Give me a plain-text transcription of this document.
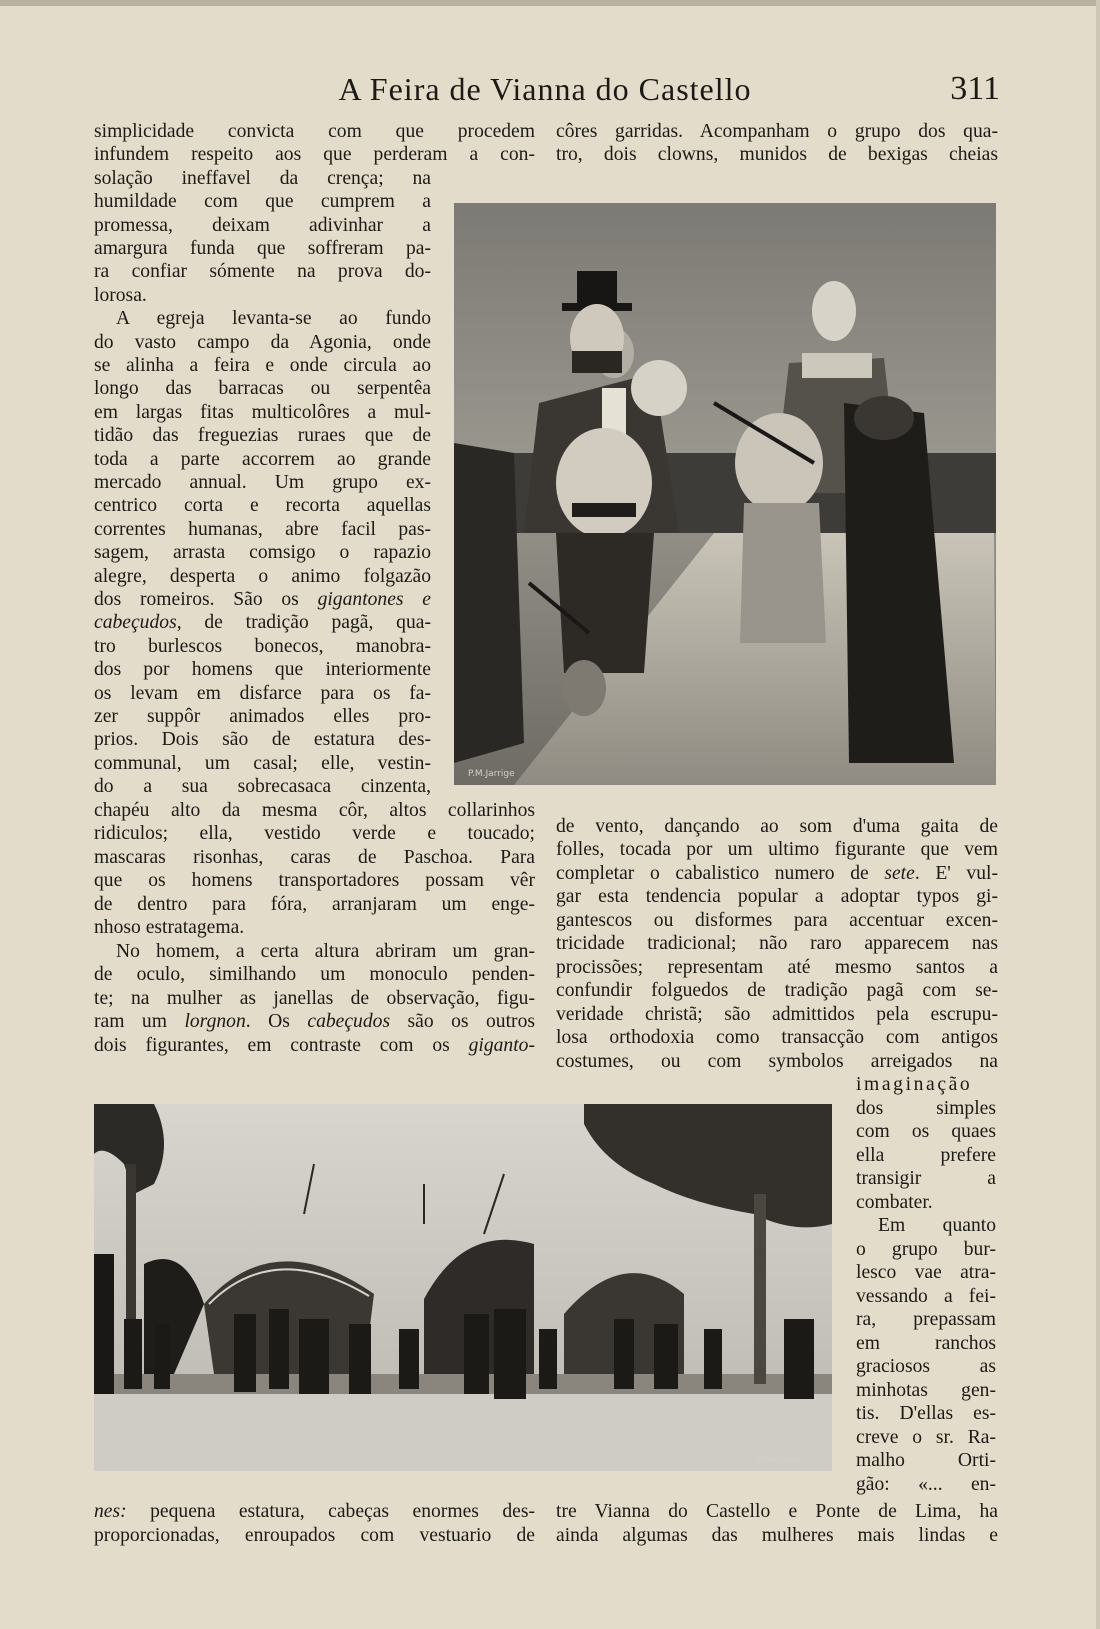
A Feira de Vianna do Castello	311

simplicidade convicta com que procedem

infundem respeito aos que perderam a con-

solação ineffavel da crença; na

humildade com que cumprem a

promessa, deixam adivinhar a

amargura funda que soffreram pa-

ra confiar sómente na prova do-

lorosa.

A egreja levanta-se ao fundo

do vasto campo da Agonia, onde

se alinha a feira e onde circula ao

longo das barracas ou serpentêa

em largas fitas multicolôres a mul-

tidão das freguezias ruraes que de

toda a parte accorrem ao grande

mercado annual. Um grupo ex-

centrico corta e recorta aquellas

correntes humanas, abre facil pas-

sagem, arrasta comsigo o rapazio

alegre, desperta o animo folgazão

dos romeiros. São os gigantones e

cabeçudos, de tradição pagã, qua-

tro burlescos bonecos, manobra-

dos por homens que interiormente

os levam em disfarce para os fa-

zer suppôr animados elles pro-

prios. Dois são de estatura des-

communal, um casal; elle, vestin-

do a sua sobrecasaca cinzenta,

chapéu alto da mesma côr, altos collarinhos

ridiculos; ella, vestido verde e toucado;

mascaras risonhas, caras de Paschoa. Para

que os homens transportadores possam vêr

de dentro para fóra, arranjaram um enge-

nhoso estratagema.

No homem, a certa altura abriram um gran-

de oculo, similhando um monoculo penden-

te; na mulher as janellas de observação, figu-

ram um lorgnon. Os cabeçudos são os outros

dois figurantes, em contraste com os giganto-

côres garridas. Acompanham o grupo dos qua-

tro, dois clowns, munidos de bexigas cheias

P.M.Jarrige

de vento, dançando ao som d'uma gaita de

folles, tocada por um ultimo figurante que vem

completar o cabalistico numero de sete. E' vul-

gar esta tendencia popular a adoptar typos gi-

gantescos ou disformes para accentuar excen-

tricidade tradicional; não raro apparecem nas

procissões; representam até mesmo santos a

confundir folguedos de tradição pagã com se-

veridade christã; são admittidos pela escrupu-

losa orthodoxia como transacção com antigos

costumes, ou com symbolos arreigados na

P.Marques

imaginação

dos simples

com os quaes

ella prefere

transigir a

combater.

Em quanto

o grupo bur-

lesco vae atra-

vessando a fei-

ra, prepassam

em ranchos

graciosos as

minhotas gen-

tis. D'ellas es-

creve o sr. Ra-

malho Orti-

gão: «... en-

nes: pequena estatura, cabeças enormes des-

proporcionadas, enroupados com vestuario de

tre Vianna do Castello e Ponte de Lima, ha

ainda algumas das mulheres mais lindas e
